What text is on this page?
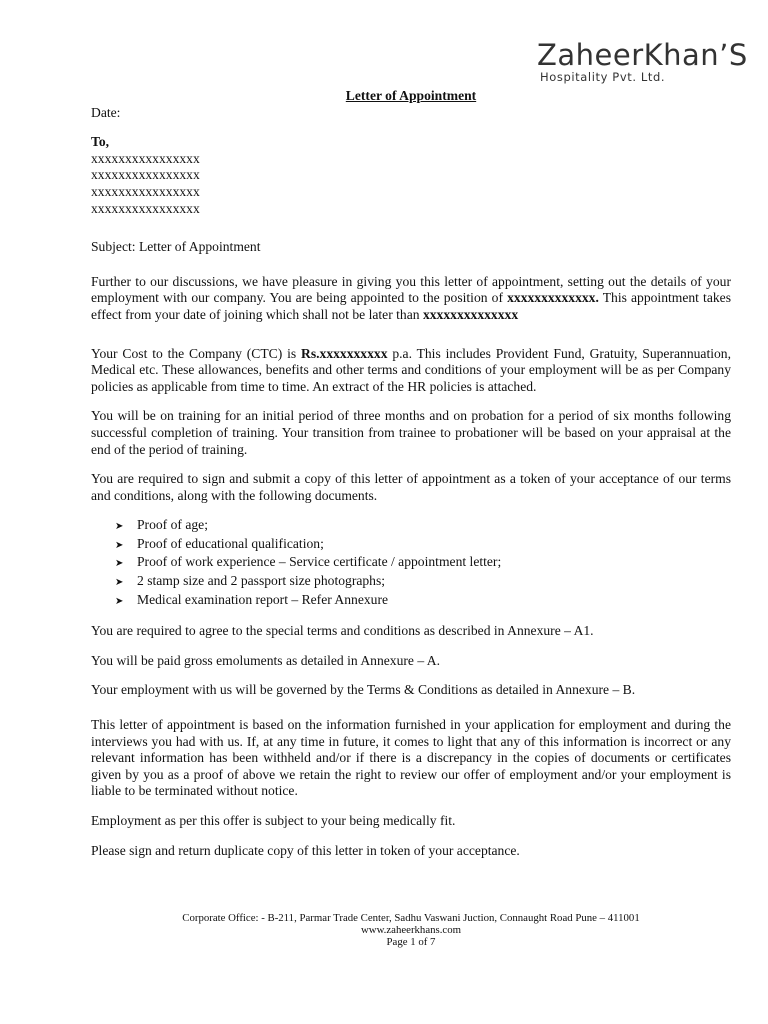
ZaheerKhan’S
Hospitality Pvt. Ltd.

Letter of Appointment

Date:

To,

xxxxxxxxxxxxxxxx

xxxxxxxxxxxxxxxx

xxxxxxxxxxxxxxxx

xxxxxxxxxxxxxxxx

Subject: Letter of Appointment

Further to our discussions, we have pleasure in giving you this letter of appointment, setting out the details of your employment with our company. You are being appointed to the position of xxxxxxxxxxxxx. This appointment takes effect from your date of joining which shall not be later than xxxxxxxxxxxxxx

Your Cost to the Company (CTC) is Rs.xxxxxxxxxx p.a. This includes Provident Fund, Gratuity, Superannuation, Medical etc. These allowances, benefits and other terms and conditions of your employment will be as per Company policies as applicable from time to time. An extract of the HR policies is attached.

You will be on training for an initial period of three months and on probation for a period of six months following successful completion of training. Your transition from trainee to probationer will be based on your appraisal at the end of the period of training.

You are required to sign and submit a copy of this letter of appointment as a token of your acceptance of our terms and conditions, along with the following documents.

➤	Proof of age;
➤	Proof of educational qualification;
➤	Proof of work experience – Service certificate / appointment letter;
➤	2 stamp size and 2 passport size photographs;
➤	Medical examination report – Refer Annexure

You are required to agree to the special terms and conditions as described in Annexure – A1.

You will be paid gross emoluments as detailed in Annexure – A.

Your employment with us will be governed by the Terms & Conditions as detailed in Annexure – B.

This letter of appointment is based on the information furnished in your application for employment and during the interviews you had with us. If, at any time in future, it comes to light that any of this information is incorrect or any relevant information has been withheld and/or if there is a discrepancy in the copies of documents or certificates given by you as a proof of above we retain the right to review our offer of employment and/or your employment is liable to be terminated without notice.

Employment as per this offer is subject to your being medically fit.

Please sign and return duplicate copy of this letter in token of your acceptance.

Corporate Office: - B-211, Parmar Trade Center, Sadhu Vaswani Juction, Connaught Road Pune – 411001
www.zaheerkhans.com
Page 1 of 7
